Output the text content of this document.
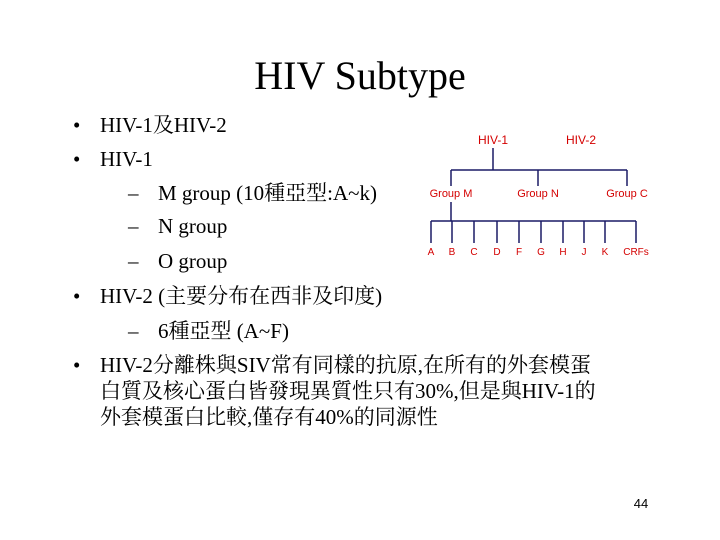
HIV Subtype
• HIV-1及HIV-2
• HIV-1
– M group (10種亞型:A~k)
– N group
– O group
• HIV-2 (主要分布在西非及印度)
– 6種亞型 (A~F)
• HIV-2分離株與SIV常有同樣的抗原,在所有的外套模蛋
白質及核心蛋白皆發現異質性只有30%,但是與HIV-1的
外套模蛋白比較,僅存有40%的同源性
HIV-1	HIV-2
Group M	Group N	Group C
A B C D F G H J K CRFs
44
